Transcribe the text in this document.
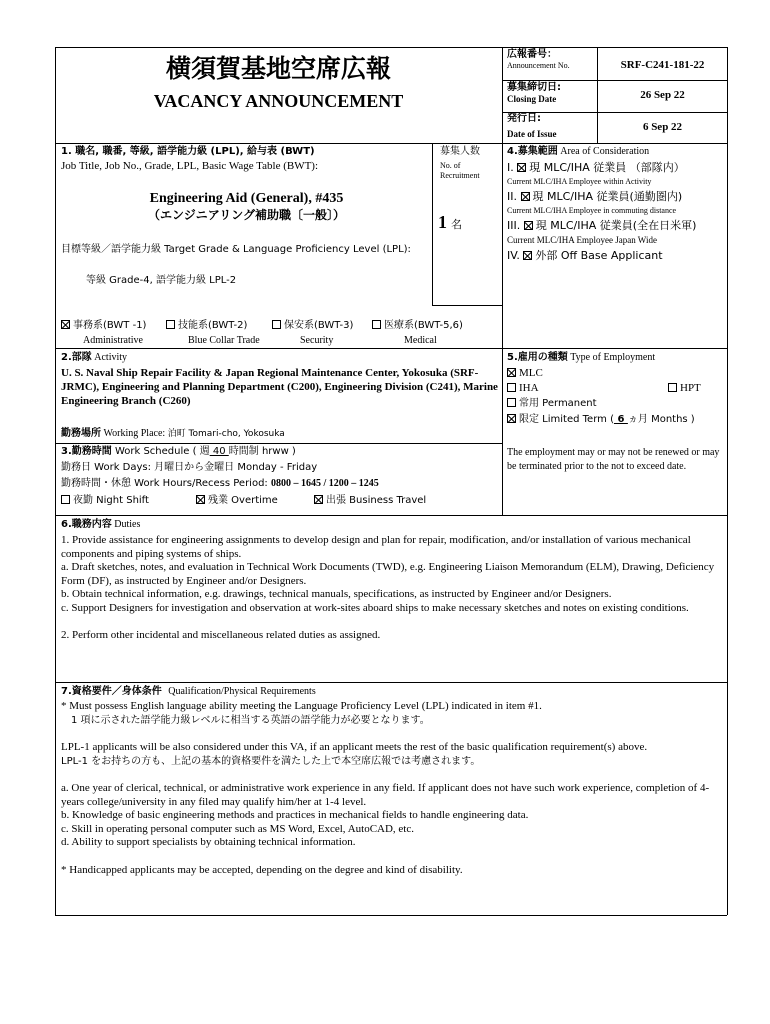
横須賀基地空席広報
VACANCY ANNOUNCEMENT
広報番号：
Announcement No.	SRF-C241-181-22
募集締切日:
Closing Date	26 Sep 22
発行日:
Date of Issue
6 Sep 22
1. 職名, 職番, 等級, 語学能力級 (LPL), 給与表 (BWT)
Job Title, Job No., Grade, LPL, Basic Wage Table (BWT):
Engineering Aid (General), #435
（エンジニアリング補助職〔一般〕）
目標等級／語学能力級 Target Grade & Language Proficiency Level (LPL):
等級 Grade-4, 語学能力級 LPL-2
募集人数
No. of Recruitment
1 名
事務系(BWT -1)
Administrative
技能系(BWT-2)
Blue Collar Trade
保安系(BWT-3)
Security
医療系(BWT-5,6)
Medical
4.募集範囲 Area of Consideration
I. 現 MLC/IHA 従業員 （部隊内）
Current MLC/IHA Employee within Activity
II. 現 MLC/IHA 従業員(通勤圏内)
Current MLC/IHA Employee in commuting distance
III. 現 MLC/IHA 従業員(全在日米軍)
Current MLC/IHA Employee Japan Wide
IV. 外部 Off Base Applicant
2.部隊 Activity
U. S. Naval Ship Repair Facility & Japan Regional Maintenance Center, Yokosuka (SRF-JRMC), Engineering and Planning Department (C200), Engineering Division (C241), Marine Engineering Branch (C260)
勤務場所 Working Place: 泊町 Tomari-cho, Yokosuka
3.勤務時間 Work Schedule ( 週 40 時間制 hrww )
勤務日 Work Days: 月曜日から金曜日 Monday - Friday
勤務時間・休憩 Work Hours/Recess Period: 0800 – 1645 / 1200 – 1245
夜勤 Night Shift	残業 Overtime	出張 Business Travel
5.雇用の種類 Type of Employment
MLC
IHA	HPT
常用 Permanent
限定 Limited Term ( 6 ヵ月 Months )
The employment may or may not be renewed or may be terminated prior to the not to exceed date.
6.職務内容 Duties

1. Provide assistance for engineering assignments to develop design and plan for repair, modification, and/or installation of various mechanical components and piping systems of ships.

a. Draft sketches, notes, and evaluation in Technical Work Documents (TWD), e.g. Engineering Liaison Memorandum (ELM), Drawing, Deficiency Form (DF), as instructed by Engineer and/or Designers.

b. Obtain technical information, e.g. drawings, technical manuals, specifications, as instructed by Engineer and/or Designers.

c. Support Designers for investigation and observation at work-sites aboard ships to make necessary sketches and notes on existing conditions.

2. Perform other incidental and miscellaneous related duties as assigned.

7.資格要件／身体条件 Qualification/Physical Requirements

* Must possess English language ability meeting the Language Proficiency Level (LPL) indicated in item #1.

1 項に示された語学能力級レベルに相当する英語の語学能力が必要となります。

LPL-1 applicants will be also considered under this VA, if an applicant meets the rest of the basic qualification requirement(s) above.

LPL-1 をお持ちの方も、上記の基本的資格要件を満たした上で本空席広報では考慮されます。

a. One year of clerical, technical, or administrative work experience in any field. If applicant does not have such work experience, completion of 4-years college/university in any filed may qualify him/her at 1-4 level.

b. Knowledge of basic engineering methods and practices in mechanical fields to handle engineering data.

c. Skill in operating personal computer such as MS Word, Excel, AutoCAD, etc.

d. Ability to support specialists by obtaining technical information.

* Handicapped applicants may be accepted, depending on the degree and kind of disability.
